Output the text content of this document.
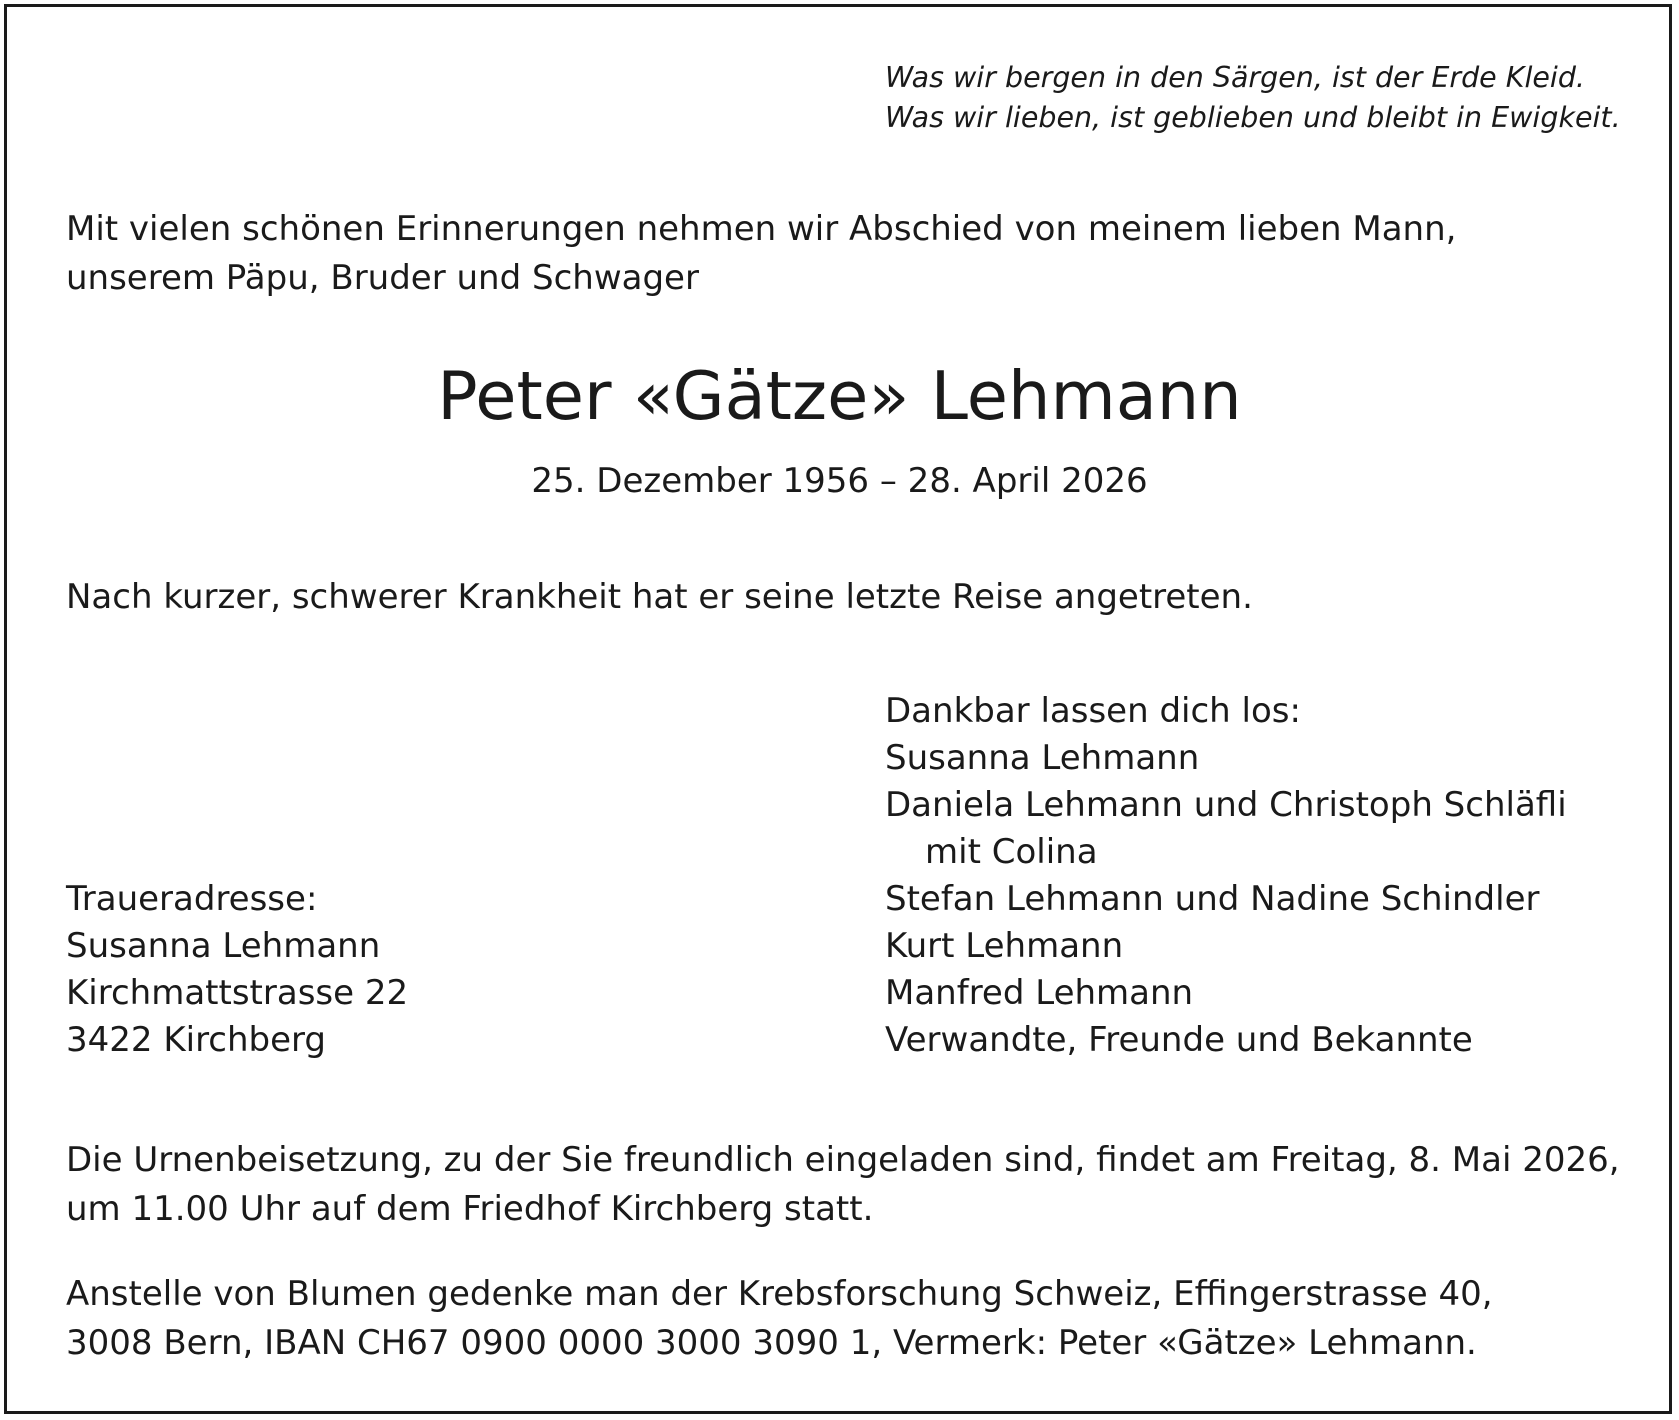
Was wir bergen in den Särgen, ist der Erde Kleid.
Was wir lieben, ist geblieben und bleibt in Ewigkeit.
Mit vielen schönen Erinnerungen nehmen wir Abschied von meinem lieben Mann,
unserem Päpu, Bruder und Schwager
Peter «Gätze» Lehmann
25. Dezember 1956 – 28. April 2026
Nach kurzer, schwerer Krankheit hat er seine letzte Reise angetreten.
Dankbar lassen dich los:
Susanna Lehmann
Daniela Lehmann und Christoph Schläfli
mit Colina
Stefan Lehmann und Nadine Schindler
Kurt Lehmann
Manfred Lehmann
Verwandte, Freunde und Bekannte
Traueradresse:
Susanna Lehmann
Kirchmattstrasse 22
3422 Kirchberg
Die Urnenbeisetzung, zu der Sie freundlich eingeladen sind, findet am Freitag, 8. Mai 2026,
um 11.00 Uhr auf dem Friedhof Kirchberg statt.
Anstelle von Blumen gedenke man der Krebsforschung Schweiz, Effingerstrasse 40,
3008 Bern, IBAN CH67 0900 0000 3000 3090 1, Vermerk: Peter «Gätze» Lehmann.
